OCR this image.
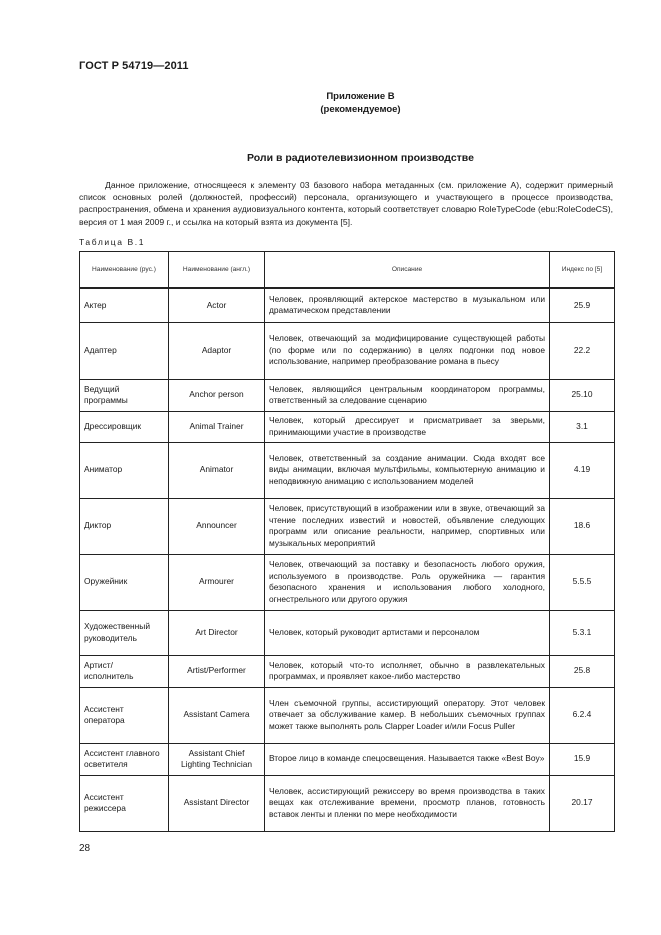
ГОСТ Р 54719—2011
Приложение В
(рекомендуемое)
Роли в радиотелевизионном производстве
Данное приложение, относящееся к элементу 03 базового набора метаданных (см. приложение А), содержит примерный список основных ролей (должностей, профессий) персонала, организующего и участвующего в процессе производства, распространения, обмена и хранения аудиовизуального контента, который соответствует словарю RoleTypeCode (ebu:RoleCodeCS), версия от 1 мая 2009 г., и ссылка на который взята из документа [5].
Таблица В.1
Наименование (рус.)	Наименование (англ.)	Описание	Индекс по [5]
Актер	Actor	Человек, проявляющий актерское мастерство в музыкальном или драматическом представлении	25.9
Адаптер	Adaptor	Человек, отвечающий за модифицирование существующей работы (по форме или по содержанию) в целях подгонки под новое использование, например преобразование романа в пьесу	22.2
Ведущий программы	Anchor person	Человек, являющийся центральным координатором программы, ответственный за следование сценарию	25.10
Дрессировщик	Animal Trainer	Человек, который дрессирует и присматривает за зверьми, принимающими участие в производстве	3.1
Аниматор	Animator	Человек, ответственный за создание анимации. Сюда входят все виды анимации, включая мультфильмы, компьютерную анимацию и неподвижную анимацию с использованием моделей	4.19
Диктор	Announcer	Человек, присутствующий в изображении или в звуке, отвечающий за чтение последних известий и новостей, объявление следующих программ или описание реальности, например, спортивных или музыкальных мероприятий	18.6
Оружейник	Armourer	Человек, отвечающий за поставку и безопасность любого оружия, используемого в производстве. Роль оружейника — гарантия безопасного хранения и использования любого холодного, огнестрельного или другого оружия	5.5.5
Художественный руководитель	Art Director	Человек, который руководит артистами и персоналом	5.3.1
Артист/ исполнитель	Artist/Performer	Человек, который что-то исполняет, обычно в развлекательных программах, и проявляет какое-либо мастерство	25.8
Ассистент оператора	Assistant Camera	Член съемочной группы, ассистирующий оператору. Этот человек отвечает за обслуживание камер. В небольших съемочных группах может также выполнять роль Clapper Loader и/или Focus Puller	6.2.4
Ассистент главного осветителя	Assistant Chief Lighting Technician	Второе лицо в команде спецосвещения. Называется также «Best Boy»	15.9
Ассистент режиссера	Assistant Director	Человек, ассистирующий режиссеру во время производства в таких вещах как отслеживание времени, просмотр планов, готовность вставок ленты и пленки по мере необходимости	20.17
28
